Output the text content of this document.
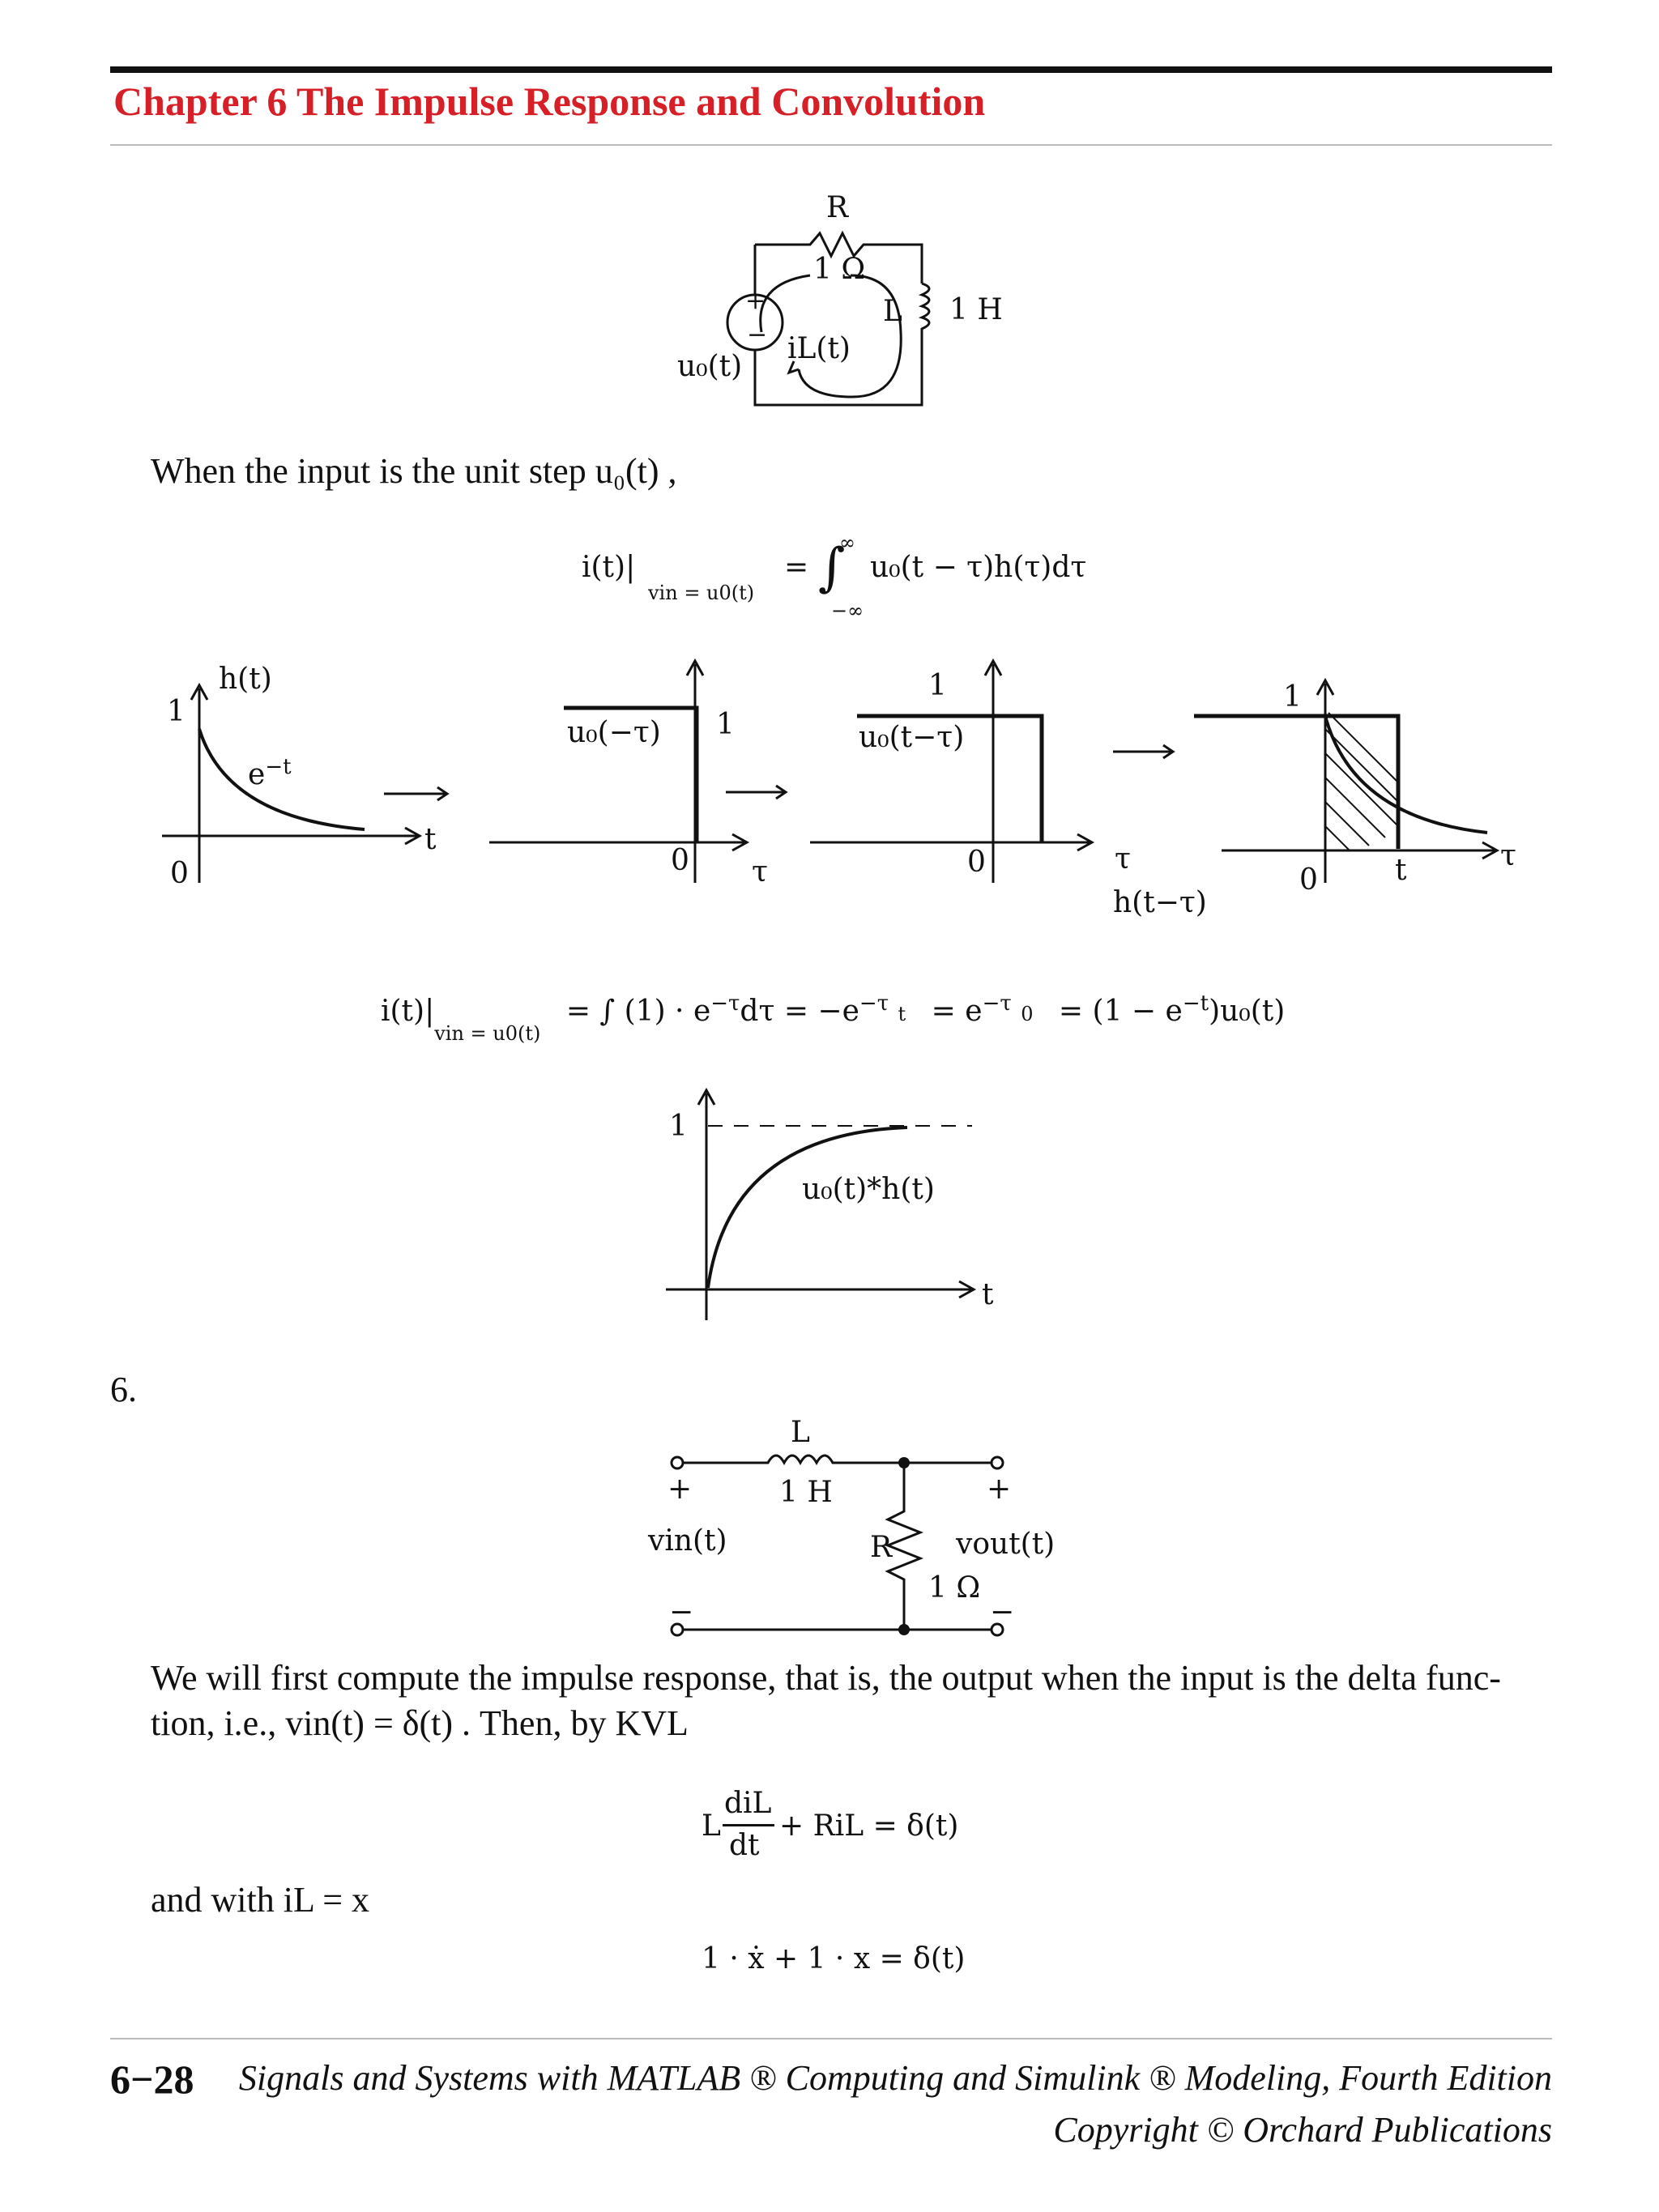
Chapter 6 The Impulse Response and Convolution
R
1 Ω
L 1 H
+
−
u₀(t)
iL(t)
When the input is the unit step u₀(t) ,
i(t)|
vin = u0(t)
= ∫
∞
−∞
u₀(t − τ)h(τ)dτ
h(t)
1
$e^{-t}$
0
t
u₀(−τ) 1
0 τ
1
u₀(t−τ)
0	τ
h(t−τ)
1
0	t	τ
$i(t)|_{vin = u0(t)}$ = ∫ $(1) \cdot e^{-\tau}d\tau = -e^{-\tau}$ $t = e^{-\tau}$ $0 = (1 - e^{-t})u_0(t)$
1
u₀(t)*h(t)
t
6.
L
1 H
+	+
vin(t)	R vout(t)
1 Ω
−	−
We will first compute the impulse response, that is, the output when the input is the delta func-
tion, i.e., vin(t) = δ(t) . Then, by KVL
L
diL
dt
+ RiL = δ(t)
and with iL = x
1 · ẋ + 1 · x = δ(t)
6−28 Signals and Systems with MATLAB ® Computing and Simulink ® Modeling, Fourth Edition
Copyright © Orchard Publications
